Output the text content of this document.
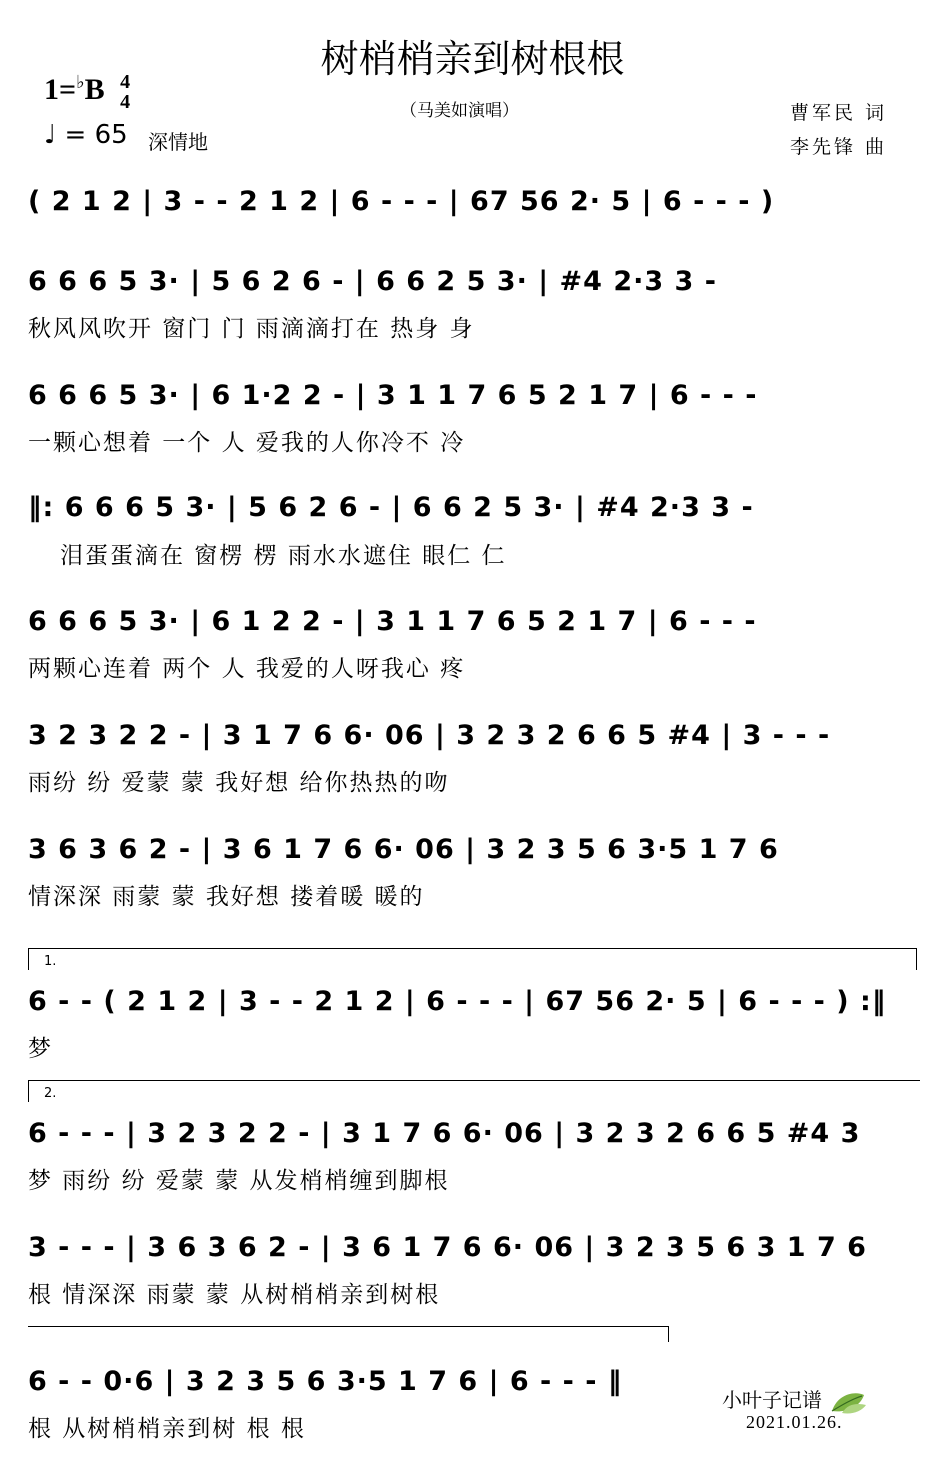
树梢梢亲到树根根
1=♭B 4
4
♩ = 65 深情地
（马美如演唱）	曹军民 词
李先锋 曲
( 2 1 2 | 3 - - 2 1 2 | 6 - - - | 67 56 2· 5 | 6 - - - )
6 6 6 5 3· | 5 6 2 6 - | 6 6 2 5 3· | #4 2·3 3 -
秋风风吹开 窗门 门 雨滴滴打在 热身 身
6 6 6 5 3· | 6 1·2 2 - | 3 1 1 7 6 5 2 1 7 | 6 - - -
一颗心想着 一个 人 爱我的人你冷不 冷
‖: 6 6 6 5 3· | 5 6 2 6 - | 6 6 2 5 3· | #4 2·3 3 -
泪蛋蛋滴在 窗楞 楞 雨水水遮住 眼仁 仁
6 6 6 5 3· | 6 1 2 2 - | 3 1 1 7 6 5 2 1 7 | 6 - - -
两颗心连着 两个 人 我爱的人呀我心 疼
3 2 3 2 2 - | 3 1 7 6 6· 06 | 3 2 3 2 6 6 5 #4 | 3 - - -
雨纷 纷 爱蒙 蒙 我好想 给你热热的吻
3 6 3 6 2 - | 3 6 1 7 6 6· 06 | 3 2 3 5 6 3·5 1 7 6
情深深 雨蒙 蒙 我好想 搂着暖 暖的
1.
6 - - ( 2 1 2 | 3 - - 2 1 2 | 6 - - - | 67 56 2· 5 | 6 - - - ) :‖
梦
2.
6 - - - | 3 2 3 2 2 - | 3 1 7 6 6· 06 | 3 2 3 2 6 6 5 #4 3
梦 雨纷 纷 爱蒙 蒙 从发梢梢缠到脚根
3 - - - | 3 6 3 6 2 - | 3 6 1 7 6 6· 06 | 3 2 3 5 6 3 1 7 6
根 情深深 雨蒙 蒙 从树梢梢亲到树根
6 - - 0·6 | 3 2 3 5 6 3·5 1 7 6 | 6 - - - ‖
根 从树梢梢亲到树 根 根
小叶子记谱
2021.01.26.
